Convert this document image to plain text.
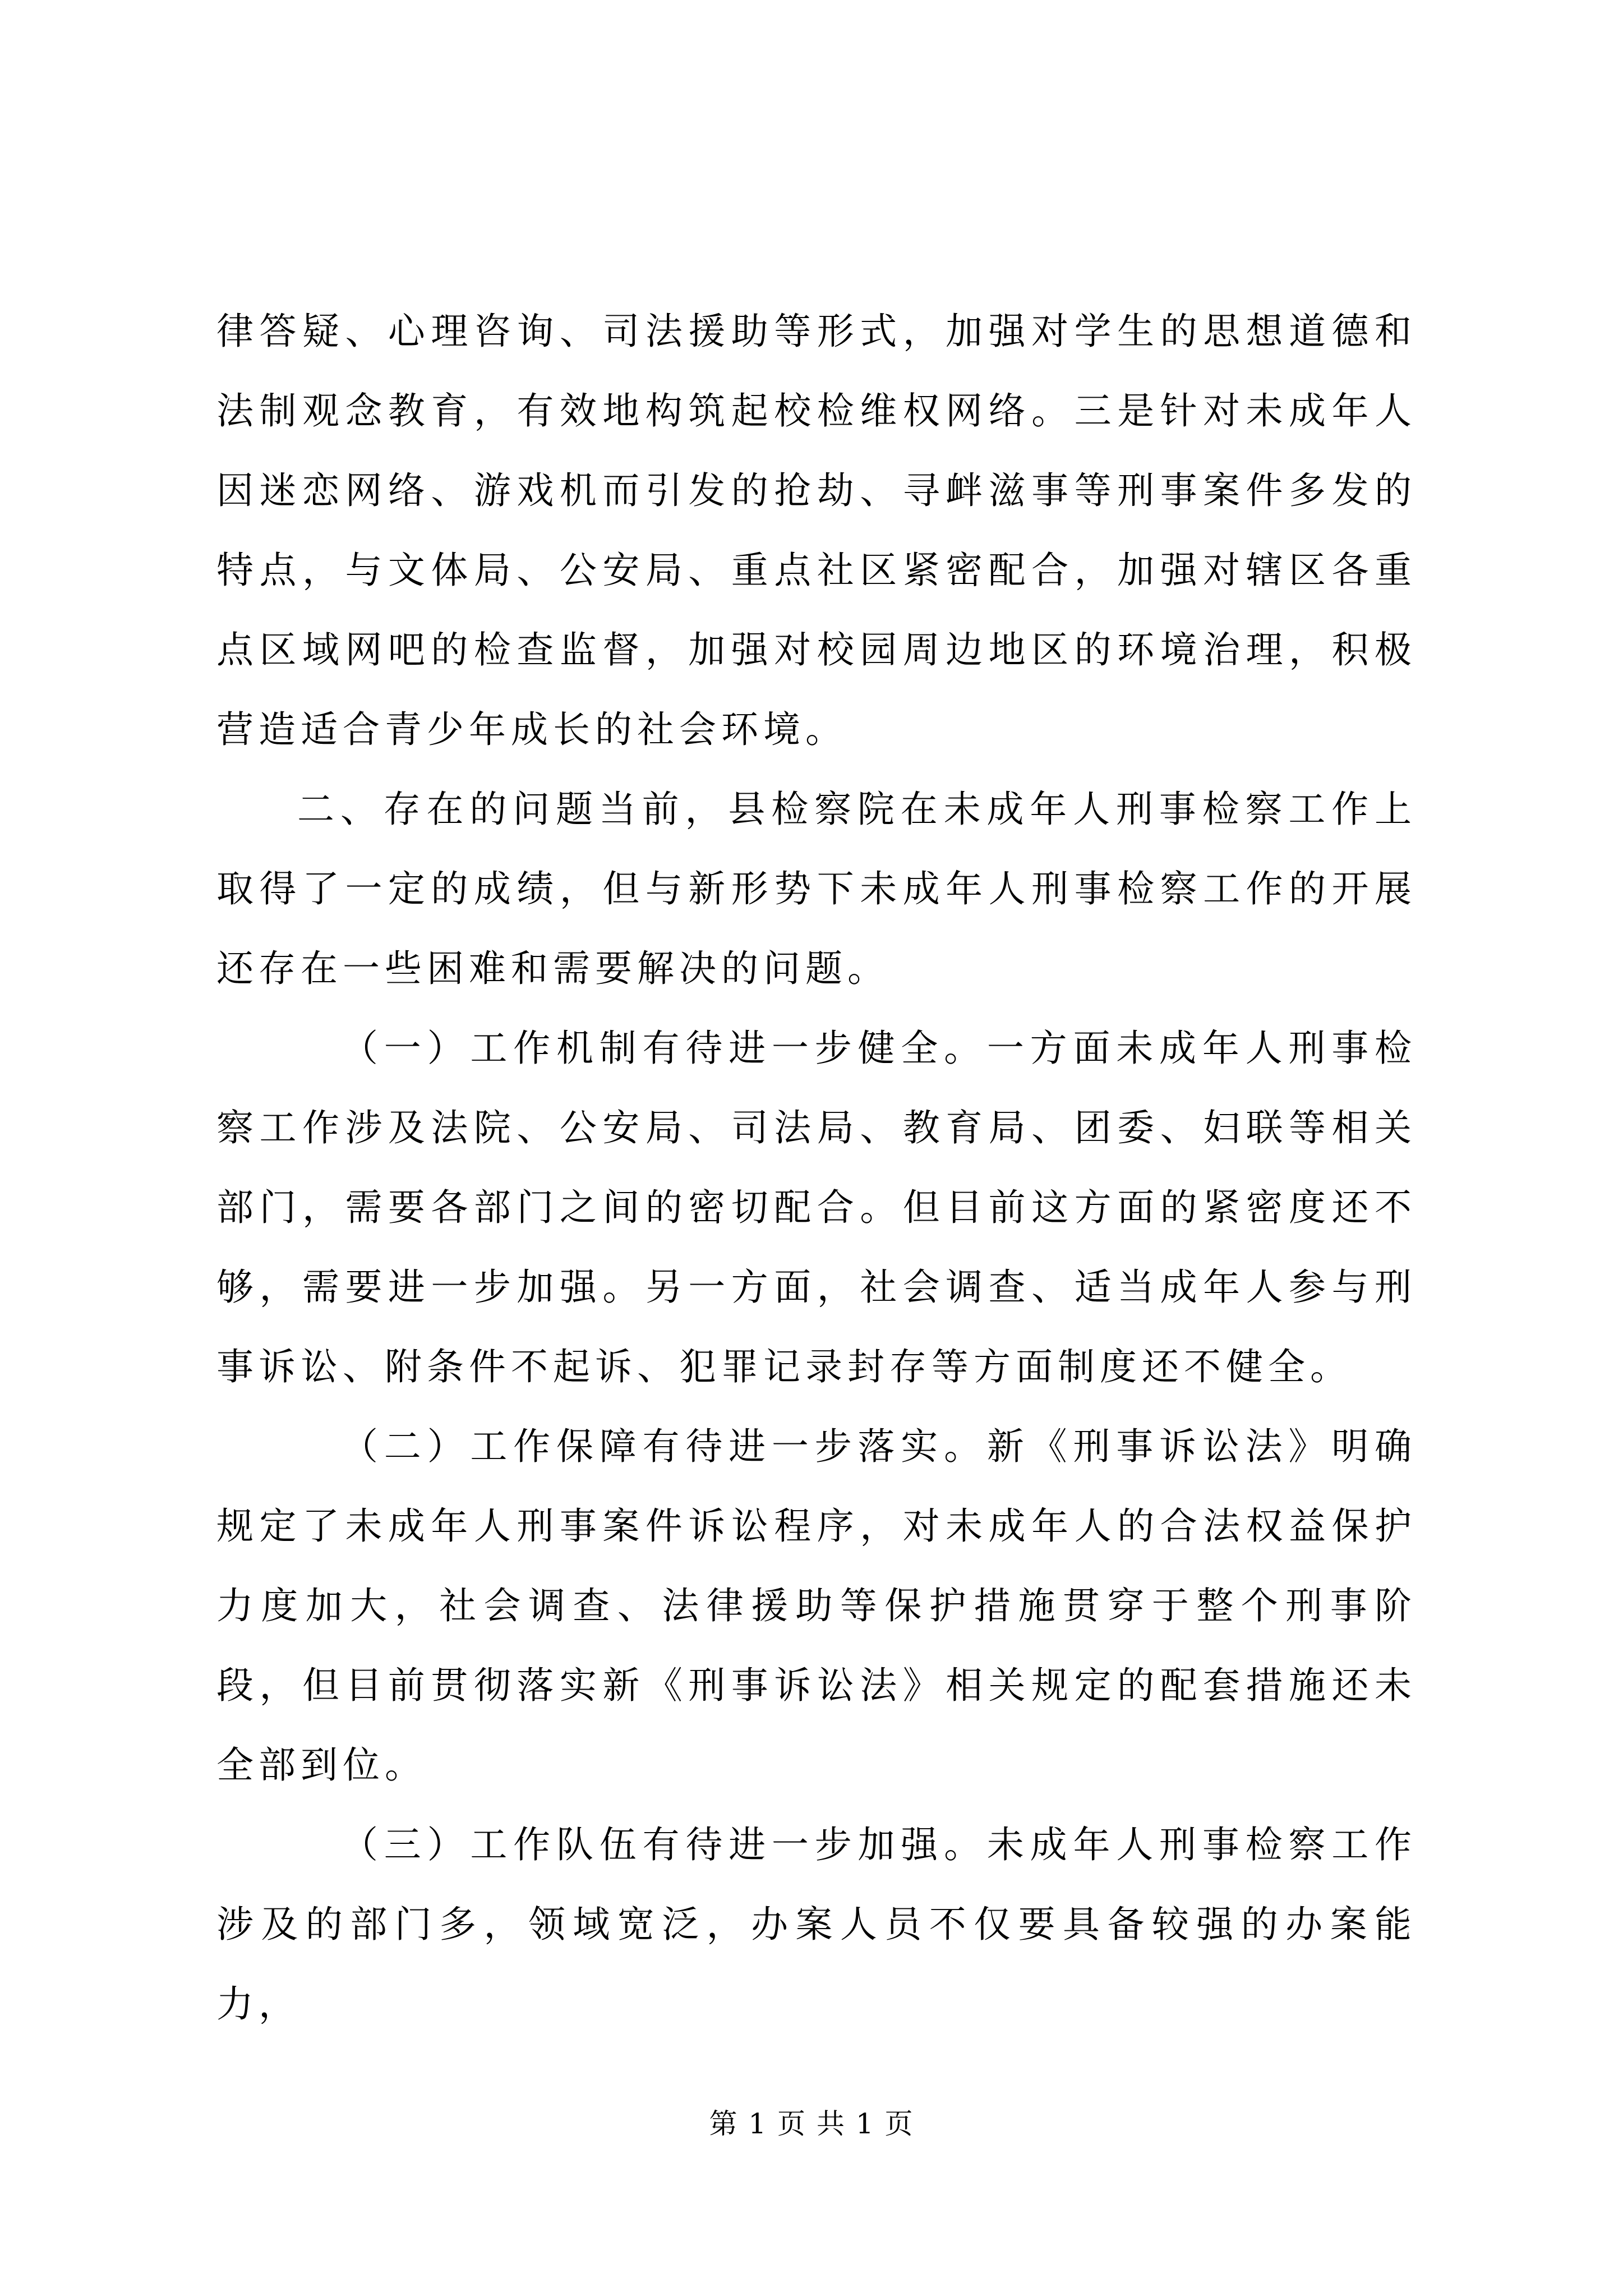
律答疑、心理咨询、司法援助等形式，加强对学生的思想道德和法制观念教育，有效地构筑起校检维权网络。三是针对未成年人因迷恋网络、游戏机而引发的抢劫、寻衅滋事等刑事案件多发的特点，与文体局、公安局、重点社区紧密配合，加强对辖区各重点区域网吧的检查监督，加强对校园周边地区的环境治理，积极营造适合青少年成长的社会环境。

二、存在的问题当前，县检察院在未成年人刑事检察工作上取得了一定的成绩，但与新形势下未成年人刑事检察工作的开展还存在一些困难和需要解决的问题。

（一）工作机制有待进一步健全。一方面未成年人刑事检察工作涉及法院、公安局、司法局、教育局、团委、妇联等相关部门，需要各部门之间的密切配合。但目前这方面的紧密度还不够，需要进一步加强。另一方面，社会调查、适当成年人参与刑事诉讼、附条件不起诉、犯罪记录封存等方面制度还不健全。

（二）工作保障有待进一步落实。新《刑事诉讼法》明确规定了未成年人刑事案件诉讼程序，对未成年人的合法权益保护力度加大，社会调查、法律援助等保护措施贯穿于整个刑事阶段，但目前贯彻落实新《刑事诉讼法》相关规定的配套措施还未全部到位。

（三）工作队伍有待进一步加强。未成年人刑事检察工作涉及的部门多，领域宽泛，办案人员不仅要具备较强的办案能力，

第 1 页 共 1 页
